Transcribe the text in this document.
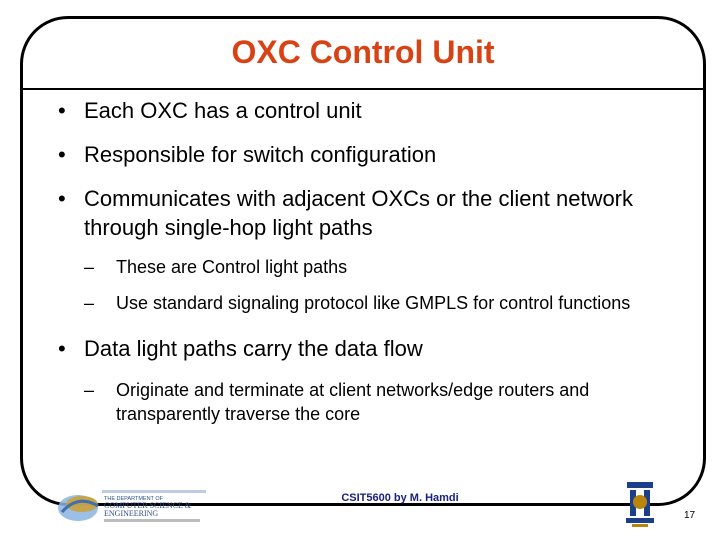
OXC Control Unit
• Each OXC has a control unit
• Responsible for switch configuration
• Communicates with adjacent OXCs or the client network through single-hop light paths
– These are Control light paths
– Use standard signaling protocol like GMPLS for control functions
• Data light paths carry the data flow
– Originate and terminate at client networks/edge routers and transparently traverse the core
THE DEPARTMENT OF
COMPUTER SCIENCE &
ENGINEERING
CSIT5600 by M. Hamdi
17
